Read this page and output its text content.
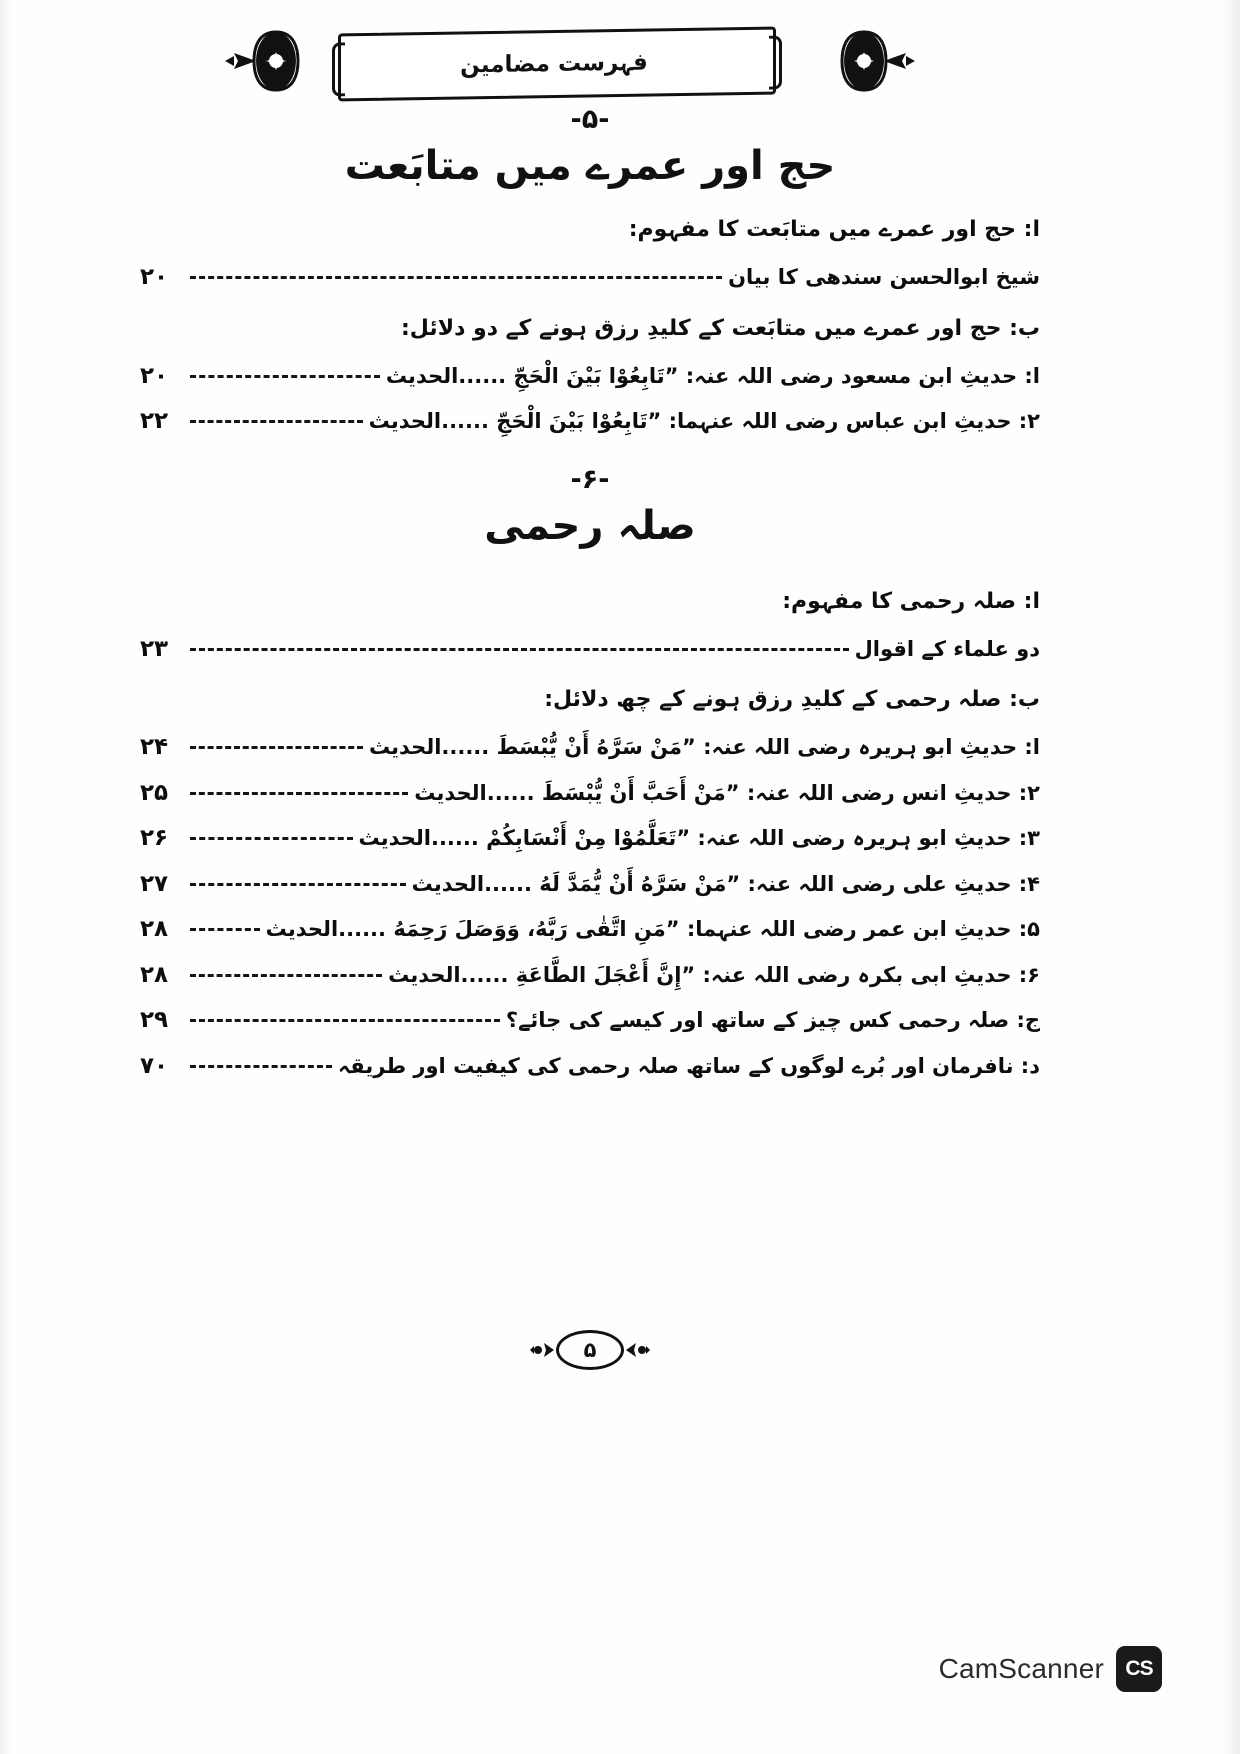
فہرست مضامین
-۵-
حج اور عمرے میں متابَعت
ا: حج اور عمرے میں متابَعت کا مفہوم:
شیخ ابوالحسن سندھی کا بیان
۲۰
ب: حج اور عمرے میں متابَعت کے کلیدِ رزق ہونے کے دو دلائل:
ا: حدیثِ ابن مسعود رضی اللہ عنہ: ”تَابِعُوْا بَيْنَ الْحَجِّ ......الحدیث
۲۰
۲: حدیثِ ابن عباس رضی اللہ عنہما: ”تَابِعُوْا بَيْنَ الْحَجِّ ......الحدیث
۲۲
-۶-
صلہ رحمی
ا: صلہ رحمی کا مفہوم:
دو علماء کے اقوال
۲۳
ب: صلہ رحمی کے کلیدِ رزق ہونے کے چھ دلائل:
ا: حدیثِ ابو ہریرہ رضی اللہ عنہ: ”مَنْ سَرَّهُ أَنْ يُّبْسَطَ ......الحدیث
۲۴
۲: حدیثِ انس رضی اللہ عنہ: ”مَنْ أَحَبَّ أَنْ يُّبْسَطَ ......الحدیث
۲۵
۳: حدیثِ ابو ہریرہ رضی اللہ عنہ: ”تَعَلَّمُوْا مِنْ أَنْسَابِكُمْ ......الحدیث
۲۶
۴: حدیثِ علی رضی اللہ عنہ: ”مَنْ سَرَّهُ أَنْ يُّمَدَّ لَهُ ......الحدیث
۲۷
۵: حدیثِ ابن عمر رضی اللہ عنہما: ”مَنِ اتَّقٰى رَبَّهُ، وَوَصَلَ رَحِمَهُ ......الحدیث
۲۸
۶: حدیثِ ابی بکرہ رضی اللہ عنہ: ”إِنَّ أَعْجَلَ الطَّاعَةِ ......الحدیث
۲۸
ج: صلہ رحمی کس چیز کے ساتھ اور کیسے کی جائے؟
۲۹
د: نافرمان اور بُرے لوگوں کے ساتھ صلہ رحمی کی کیفیت اور طریقہ
۷۰
۵
CS
CamScanner
